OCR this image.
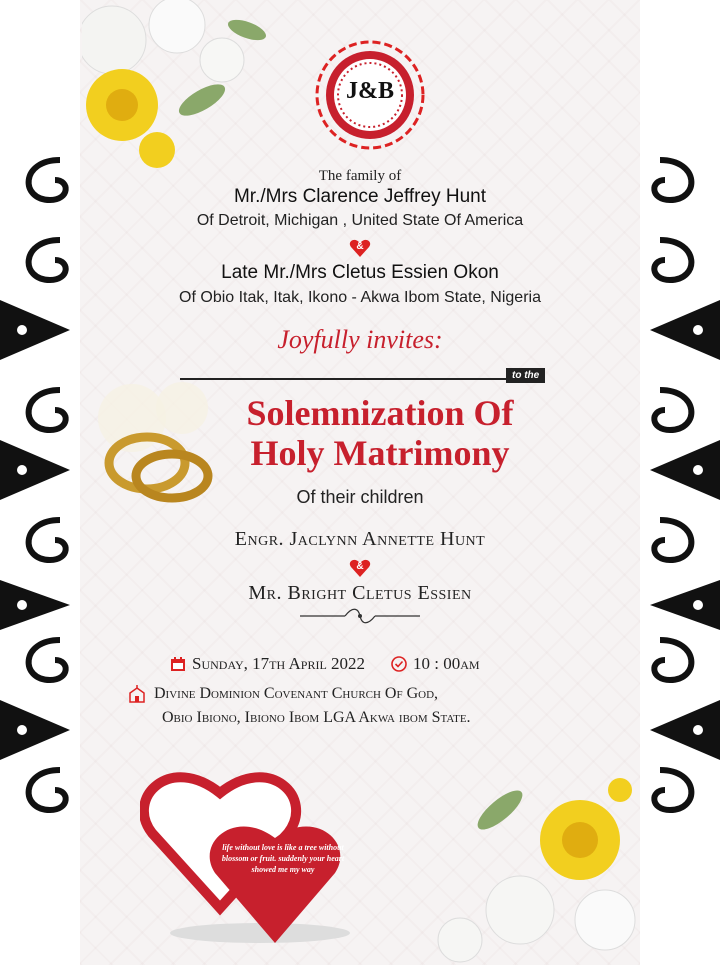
J&B
The family of
Mr./Mrs Clarence Jeffrey Hunt
Of Detroit, Michigan , United State Of America
&
Late Mr./Mrs Cletus Essien Okon
Of Obio Itak, Itak, Ikono - Akwa Ibom State, Nigeria
Joyfully invites:
to the
Solemnization Of
Holy Matrimony
Of their children
Engr. Jaclynn Annette Hunt
&
Mr. Bright Cletus Essien
Sunday, 17th April 2022	10 : 00am
Divine Dominion Covenant Church Of God,
Obio Ibiono, Ibiono Ibom LGA Akwa ibom State.
life without love is like a tree without blossom or fruit. suddenly your heart showed me my way
